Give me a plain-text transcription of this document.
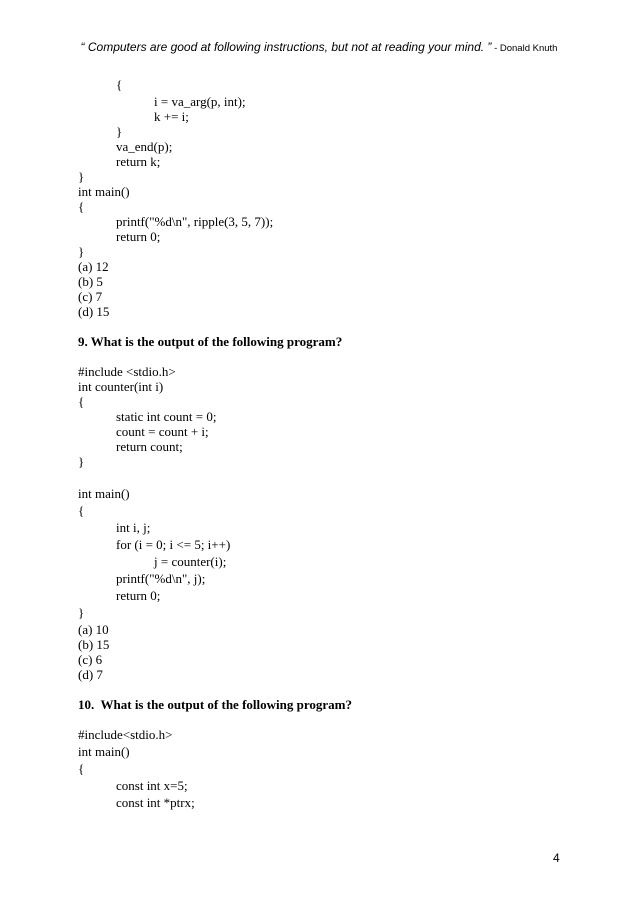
“ Computers are good at following instructions, but not at reading your mind. ” - Donald Knuth
{
i = va_arg(p, int);
k += i;
}
va_end(p);
return k;
}
int main()
{
printf("%d\n", ripple(3, 5, 7));
return 0;
}
(a) 12
(b) 5
(c) 7
(d) 15
9. What is the output of the following program?
#include <stdio.h>
int counter(int i)
{
static int count = 0;
count = count + i;
return count;
}
int main()
{
int i, j;
for (i = 0; i <= 5; i++)
j = counter(i);
printf("%d\n", j);
return 0;
}
(a) 10
(b) 15
(c) 6
(d) 7
10.  What is the output of the following program?
#include<stdio.h>
int main()
{
const int x=5;
const int *ptrx;
4
